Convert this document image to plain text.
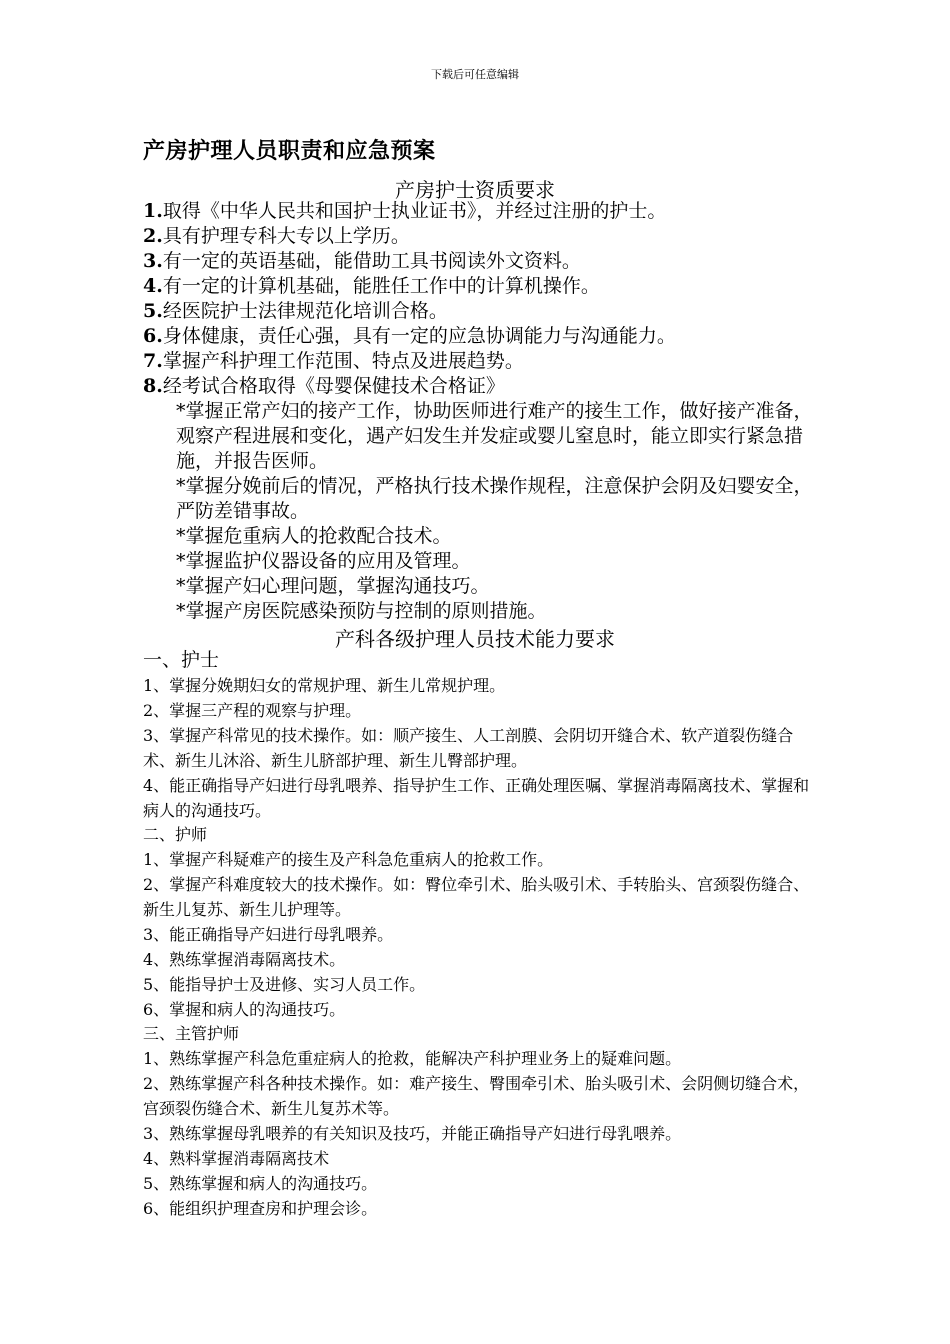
下载后可任意编辑
产房护理人员职责和应急预案
产房护士资质要求
1.取得《中华人民共和国护士执业证书》，并经过注册的护士。
2.具有护理专科大专以上学历。
3.有一定的英语基础，能借助工具书阅读外文资料。
4.有一定的计算机基础，能胜任工作中的计算机操作。
5.经医院护士法律规范化培训合格。
6.身体健康，责任心强，具有一定的应急协调能力与沟通能力。
7.掌握产科护理工作范围、特点及进展趋势。
8.经考试合格取得《母婴保健技术合格证》
*掌握正常产妇的接产工作，协助医师进行难产的接生工作，做好接产准备，观察产程进展和变化，遇产妇发生并发症或婴儿窒息时，能立即实行紧急措施，并报告医师。
*掌握分娩前后的情况，严格执行技术操作规程，注意保护会阴及妇婴安全，严防差错事故。
*掌握危重病人的抢救配合技术。
*掌握监护仪器设备的应用及管理。
*掌握产妇心理问题，掌握沟通技巧。
*掌握产房医院感染预防与控制的原则措施。
产科各级护理人员技术能力要求
一、护士
1、掌握分娩期妇女的常规护理、新生儿常规护理。
2、掌握三产程的观察与护理。
3、掌握产科常见的技术操作。如：顺产接生、人工剖膜、会阴切开缝合术、软产道裂伤缝合术、新生儿沐浴、新生儿脐部护理、新生儿臀部护理。
4、能正确指导产妇进行母乳喂养、指导护生工作、正确处理医嘱、掌握消毒隔离技术、掌握和病人的沟通技巧。
二、护师
1、掌握产科疑难产的接生及产科急危重病人的抢救工作。
2、掌握产科难度较大的技术操作。如：臀位牵引术、胎头吸引术、手转胎头、宫颈裂伤缝合、新生儿复苏、新生儿护理等。
3、能正确指导产妇进行母乳喂养。
4、熟练掌握消毒隔离技术。
5、能指导护士及进修、实习人员工作。
6、掌握和病人的沟通技巧。
三、主管护师
1、熟练掌握产科急危重症病人的抢救，能解决产科护理业务上的疑难问题。
2、熟练掌握产科各种技术操作。如：难产接生、臀围牵引术、胎头吸引术、会阴侧切缝合术，宫颈裂伤缝合术、新生儿复苏术等。
3、熟练掌握母乳喂养的有关知识及技巧，并能正确指导产妇进行母乳喂养。
4、熟料掌握消毒隔离技术
5、熟练掌握和病人的沟通技巧。
6、能组织护理查房和护理会诊。
